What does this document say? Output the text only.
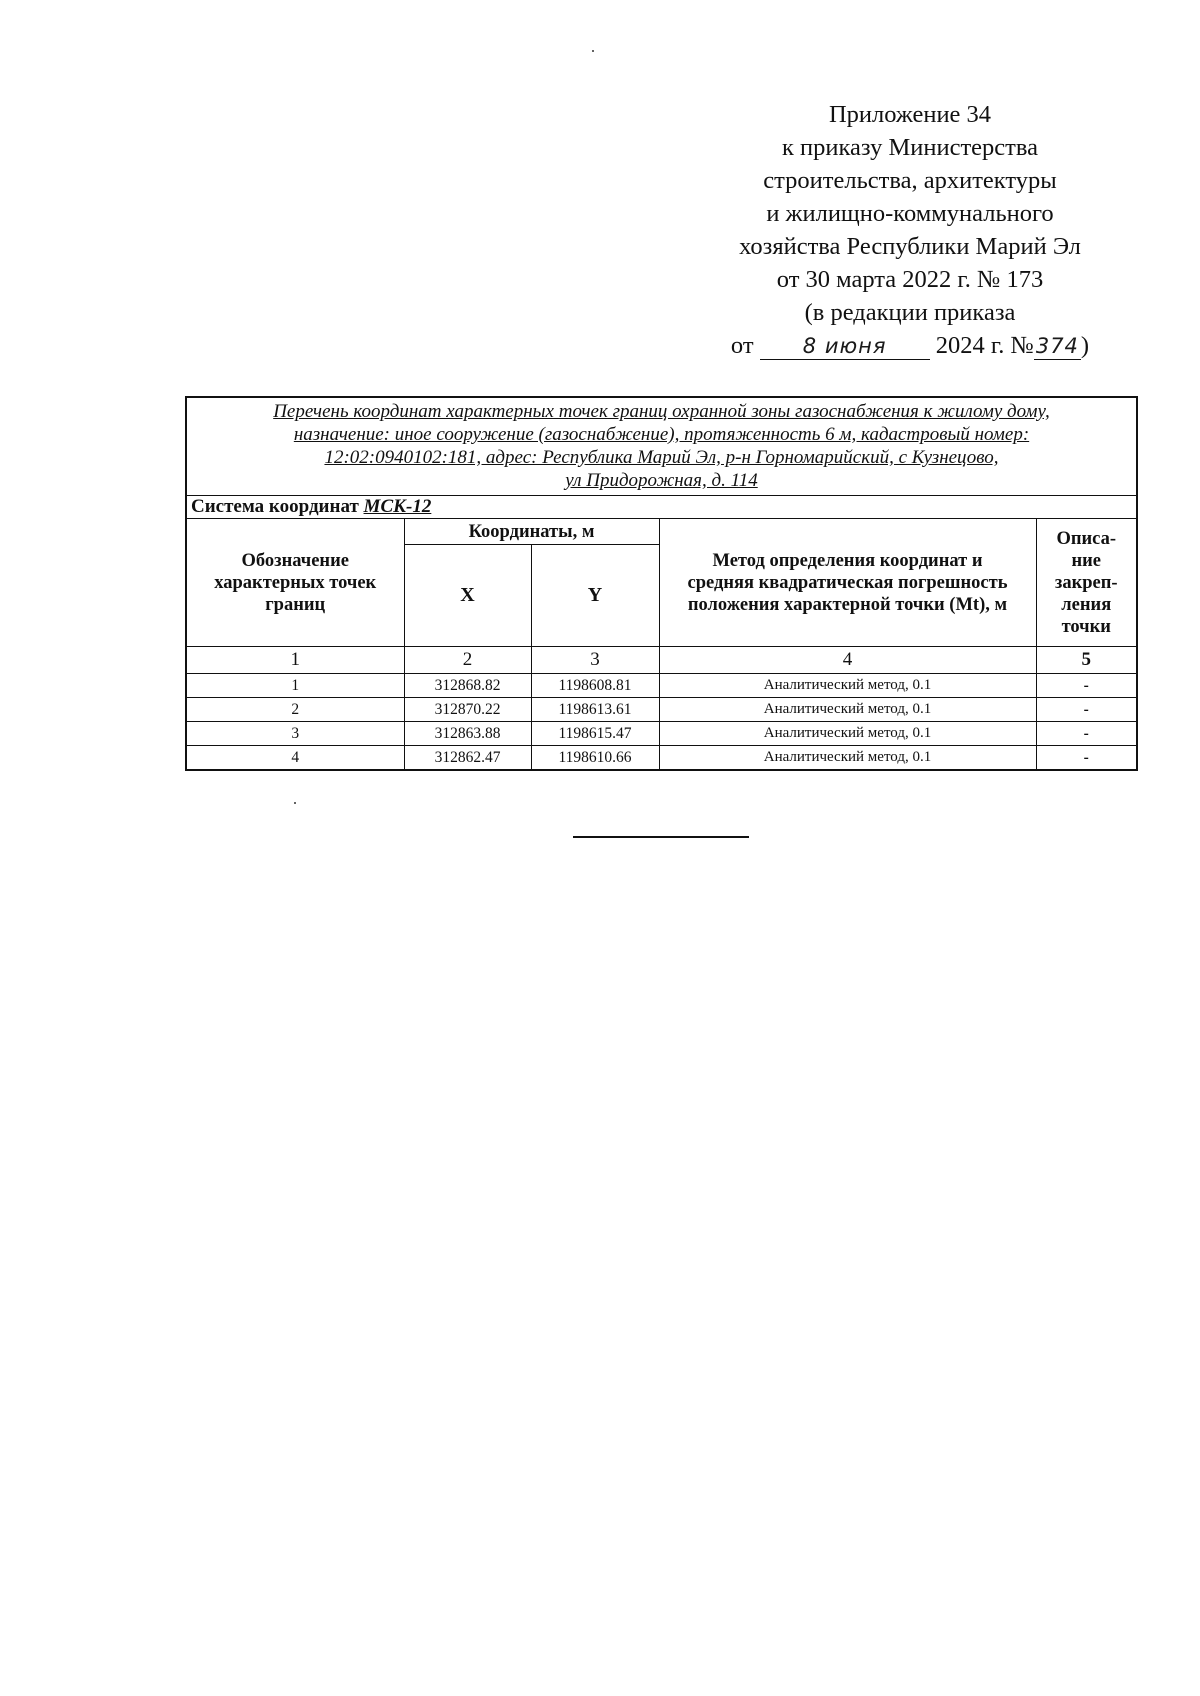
Приложение 34
к приказу Министерства
строительства, архитектуры
и жилищно-коммунального
хозяйства Республики Марий Эл
от 30 марта 2022 г. № 173
(в редакции приказа
от 8 июня 2024 г. №374)
Перечень координат характерных точек границ охранной зоны газоснабжения к жилому дому,
назначение: иное сооружение (газоснабжение), протяженность 6 м, кадастровый номер:
12:02:0940102:181, адрес: Республика Марий Эл, р-н Горномарийский, с Кузнецово,
ул Придорожная, д. 114				

Система координат МСК-12				
Обозначение характерных точек границ	Координаты, м		Метод определения координат и средняя квадратическая погрешность положения характерной точки (Mt), м	Описа-ние закреп-ления точки
	X	Y		
1	2	3	4	5
1	312868.82	1198608.81	Аналитический метод, 0.1	-
2	312870.22	1198613.61	Аналитический метод, 0.1	-
3	312863.88	1198615.47	Аналитический метод, 0.1	-
4	312862.47	1198610.66	Аналитический метод, 0.1	-
